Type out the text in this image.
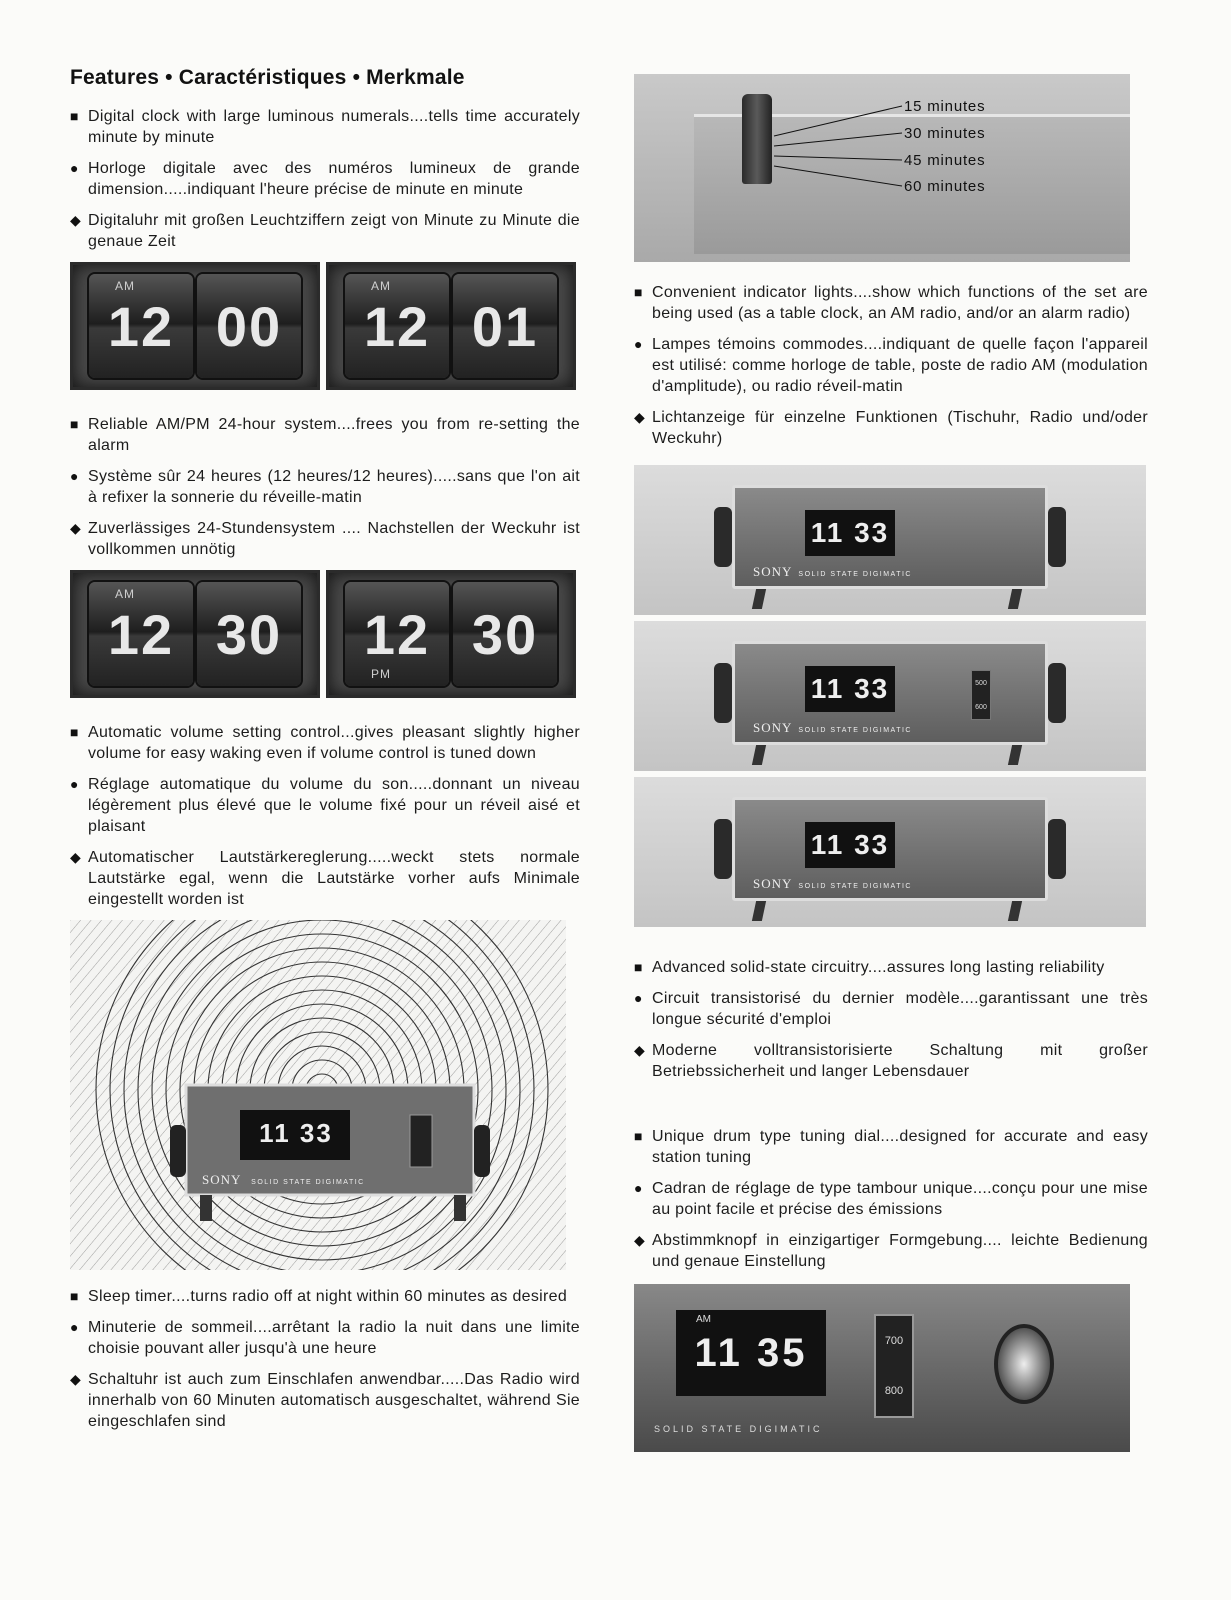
Features • Caractéristiques • Merkmale
■ Digital clock with large luminous numerals....tells time accurately minute by minute
● Horloge digitale avec des numéros lumineux de grande dimension.....indiquant l'heure précise de minute en minute
◆ Digitaluhr mit großen Leuchtziffern zeigt von Minute zu Minute die genaue Zeit
AM
12 00
AM
12 01
■ Reliable AM/PM 24-hour system....frees you from re-setting the alarm
● Système sûr 24 heures (12 heures/12 heures).....sans que l'on ait à refixer la sonnerie du réveille-matin
◆ Zuverlässiges 24-Stundensystem .... Nachstellen der Weckuhr ist vollkommen unnötig
AM
12 30
PM
12 30
■ Automatic volume setting control...gives pleasant slightly higher volume for easy waking even if volume control is tuned down
● Réglage automatique du volume du son.....donnant un niveau légèrement plus élevé que le volume fixé pour un réveil aisé et plaisant
◆ Automatischer Lautstärkereglerung.....weckt stets normale Lautstärke egal, wenn die Lautstärke vorher aufs Minimale eingestellt worden ist
11 33
SONY SOLID STATE DIGIMATIC
■ Sleep timer....turns radio off at night within 60 minutes as desired
● Minuterie de sommeil....arrêtant la radio la nuit dans une limite choisie pouvant aller jusqu'à une heure
◆ Schaltuhr ist auch zum Einschlafen anwendbar.....Das Radio wird innerhalb von 60 Minuten automatisch ausgeschaltet, während Sie eingeschlafen sind
15 minutes
30 minutes
45 minutes
60 minutes
■ Convenient indicator lights....show which functions of the set are being used (as a table clock, an AM radio, and/or an alarm radio)
● Lampes témoins commodes....indiquant de quelle façon l'appareil est utilisé: comme horloge de table, poste de radio AM (modulation d'amplitude), ou radio réveil-matin
◆ Lichtanzeige für einzelne Funktionen (Tischuhr, Radio und/oder Weckuhr)
11 33
SONY SOLID STATE DIGIMATIC
11 33	500
600
SONY SOLID STATE DIGIMATIC
11 33
SONY SOLID STATE DIGIMATIC
■ Advanced solid-state circuitry....assures long lasting reliability
● Circuit transistorisé du dernier modèle....garantissant une très longue sécurité d'emploi
◆ Moderne volltransistorisierte Schaltung mit großer Betriebssicherheit und langer Lebensdauer
■ Unique drum type tuning dial....designed for accurate and easy station tuning
● Cadran de réglage de type tambour unique....conçu pour une mise au point facile et précise des émissions
◆ Abstimmknopf in einzigartiger Formgebung.... leichte Bedienung und genaue Einstellung
11 35
AM
700
800
SOLID STATE DIGIMATIC
